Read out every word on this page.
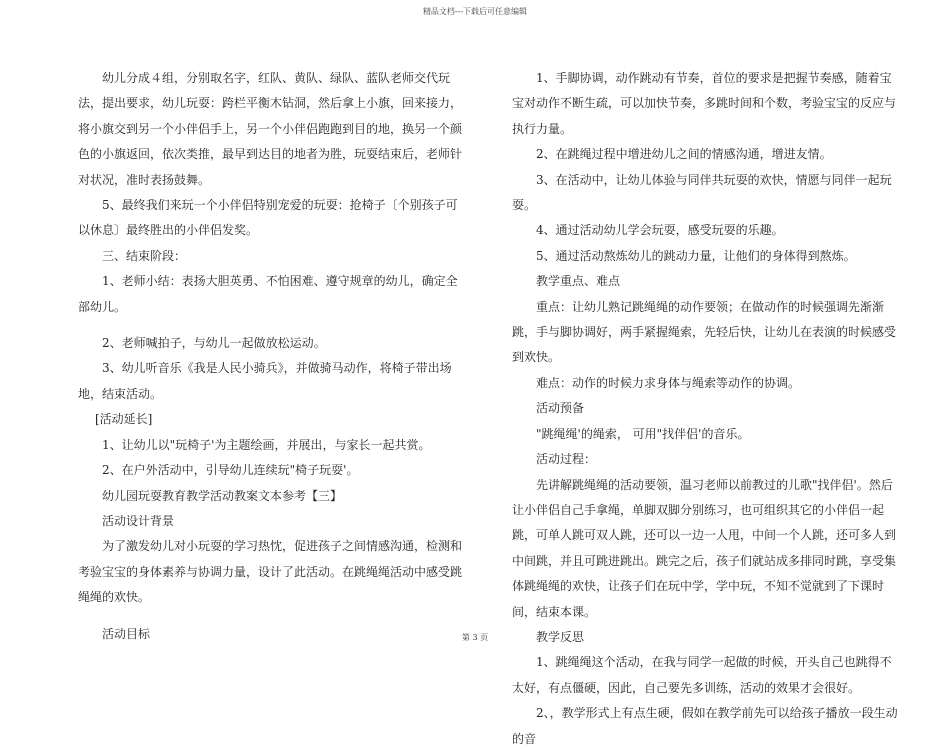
精品文档---下载后可任意编辑

幼儿分成４组，分别取名字，红队、黄队、绿队、蓝队老师交代玩法，提出要求，幼儿玩耍：跨栏平衡木钻洞，然后拿上小旗，回来接力，将小旗交到另一个小伴侣手上，另一个小伴侣跑跑到目的地，换另一个颜色的小旗返回，依次类推，最早到达目的地者为胜，玩耍结束后，老师针对状况，准时表扬鼓舞。

5、最终我们来玩一个小伴侣特别宠爱的玩耍：抢椅子〔个别孩子可以休息〕最终胜出的小伴侣发奖。

三、结束阶段：

1、老师小结：表扬大胆英勇、不怕困难、遵守规章的幼儿，确定全部幼儿。

2、老师喊拍子，与幼儿一起做放松运动。

3、幼儿听音乐《我是人民小骑兵》，并做骑马动作，将椅子带出场地，结束活动。

[活动延长]

1、让幼儿以"玩椅子'为主题绘画，并展出，与家长一起共赏。

2、在户外活动中，引导幼儿连续玩"椅子玩耍'。

幼儿园玩耍教育教学活动教案文本参考【三】

活动设计背景

为了激发幼儿对小玩耍的学习热忱，促进孩子之间情感沟通，检测和考验宝宝的身体素养与协调力量，设计了此活动。在跳绳绳活动中感受跳绳绳的欢快。

活动目标

1、手脚协调，动作跳动有节奏，首位的要求是把握节奏感，随着宝宝对动作不断生疏，可以加快节奏，多跳时间和个数，考验宝宝的反应与执行力量。

2、在跳绳过程中增进幼儿之间的情感沟通，增进友情。

3、在活动中，让幼儿体验与同伴共玩耍的欢快，情愿与同伴一起玩耍。

4、通过活动幼儿学会玩耍，感受玩耍的乐趣。

5、通过活动熬炼幼儿的跳动力量，让他们的身体得到熬炼。

教学重点、难点

重点：让幼儿熟记跳绳绳的动作要领；在做动作的时候强调先渐渐跳，手与脚协调好，两手紧握绳索，先轻后快，让幼儿在表演的时候感受到欢快。

难点：动作的时候力求身体与绳索等动作的协调。

活动预备

"跳绳绳'的绳索， 可用"找伴侣'的音乐。

活动过程：

先讲解跳绳绳的活动要领，温习老师以前教过的儿歌"找伴侣'。然后让小伴侣自己手拿绳，单脚双脚分别练习，也可组织其它的小伴侣一起跳，可单人跳可双人跳，还可以一边一人甩，中间一个人跳，还可多人到中间跳，并且可跳进跳出。跳完之后，孩子们就站成多排同时跳，享受集体跳绳绳的欢快，让孩子们在玩中学，学中玩，不知不觉就到了下课时间，结束本课。

教学反思

1、跳绳绳这个活动，在我与同学一起做的时候，开头自己也跳得不太好，有点僵硬，因此，自己要先多训练，活动的效果才会很好。

2、，教学形式上有点生硬，假如在教学前先可以给孩子播放一段生动的音

第 3 页
